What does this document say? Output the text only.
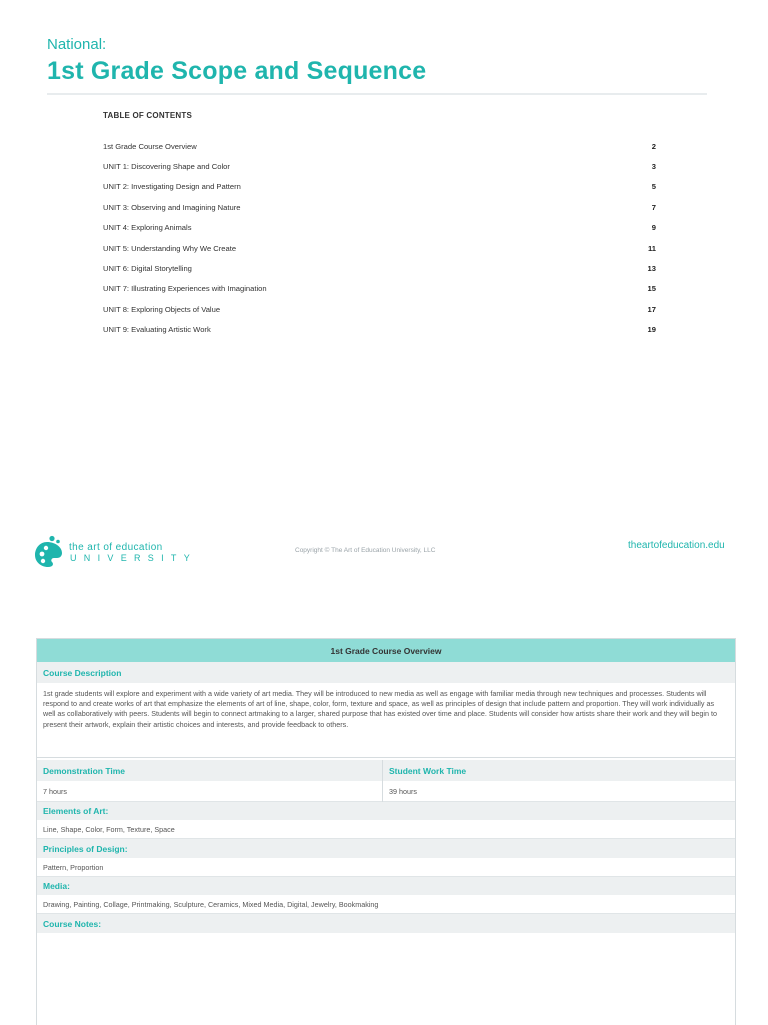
National:
1st Grade Scope and Sequence
TABLE OF CONTENTS
1st Grade Course Overview	2
UNIT 1: Discovering Shape and Color	3
UNIT 2: Investigating Design and Pattern	5
UNIT 3: Observing and Imagining Nature	7
UNIT 4: Exploring Animals	9
UNIT 5: Understanding Why We Create	11
UNIT 6: Digital Storytelling	13
UNIT 7: Illustrating Experiences with Imagination	15
UNIT 8: Exploring Objects of Value	17
UNIT 9: Evaluating Artistic Work	19
the art of education
UNIVERSITY
Copyright © The Art of Education University, LLC	theartofeducation.edu
1st Grade Course Overview
Course Description
1st grade students will explore and experiment with a wide variety of art media. They will be introduced to new media as well as engage with familiar media through new techniques and processes. Students will respond to and create works of art that emphasize the elements of art of line, shape, color, form, texture and space, as well as principles of design that include pattern and proportion. They will work individually as well as collaboratively with peers. Students will begin to connect artmaking to a larger, shared purpose that has existed over time and place. Students will consider how artists share their work and they will begin to present their artwork, explain their artistic choices and interests, and provide feedback to others.
Demonstration Time
7 hours
Student Work Time
39 hours
Elements of Art:
Line, Shape, Color, Form, Texture, Space
Principles of Design:
Pattern, Proportion
Media:
Drawing, Painting, Collage, Printmaking, Sculpture, Ceramics, Mixed Media, Digital, Jewelry, Bookmaking
Course Notes:
